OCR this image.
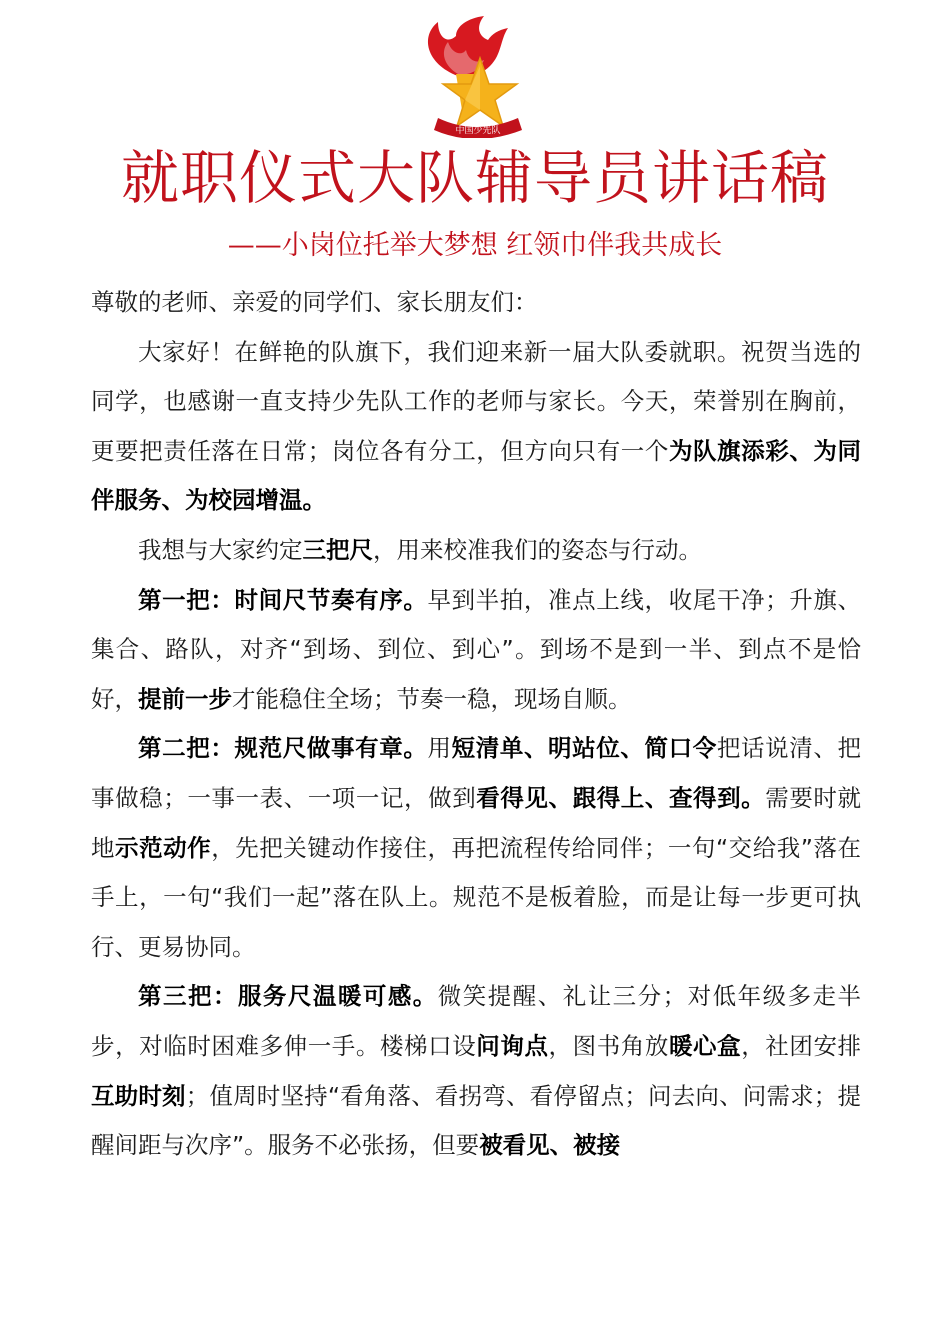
中国少先队
就职仪式大队辅导员讲话稿

——小岗位托举大梦想 红领巾伴我共成长

尊敬的老师、亲爱的同学们、家长朋友们：

大家好！在鲜艳的队旗下，我们迎来新一届大队委就职。祝贺当选的同学，也感谢一直支持少先队工作的老师与家长。今天，荣誉别在胸前，更要把责任落在日常；岗位各有分工，但方向只有一个为队旗添彩、为同伴服务、为校园增温。

我想与大家约定三把尺，用来校准我们的姿态与行动。

第一把：时间尺节奏有序。早到半拍，准点上线，收尾干净；升旗、集合、路队，对齐“到场、到位、到心”。到场不是到一半、到点不是恰好，提前一步才能稳住全场；节奏一稳，现场自顺。

第二把：规范尺做事有章。用短清单、明站位、简口令把话说清、把事做稳；一事一表、一项一记，做到看得见、跟得上、查得到。需要时就地示范动作，先把关键动作接住，再把流程传给同伴；一句“交给我”落在手上，一句“我们一起”落在队上。规范不是板着脸，而是让每一步更可执行、更易协同。

第三把：服务尺温暖可感。微笑提醒、礼让三分；对低年级多走半步，对临时困难多伸一手。楼梯口设问询点，图书角放暖心盒，社团安排互助时刻；值周时坚持“看角落、看拐弯、看停留点；问去向、问需求；提醒间距与次序”。服务不必张扬，但要被看见、被接
